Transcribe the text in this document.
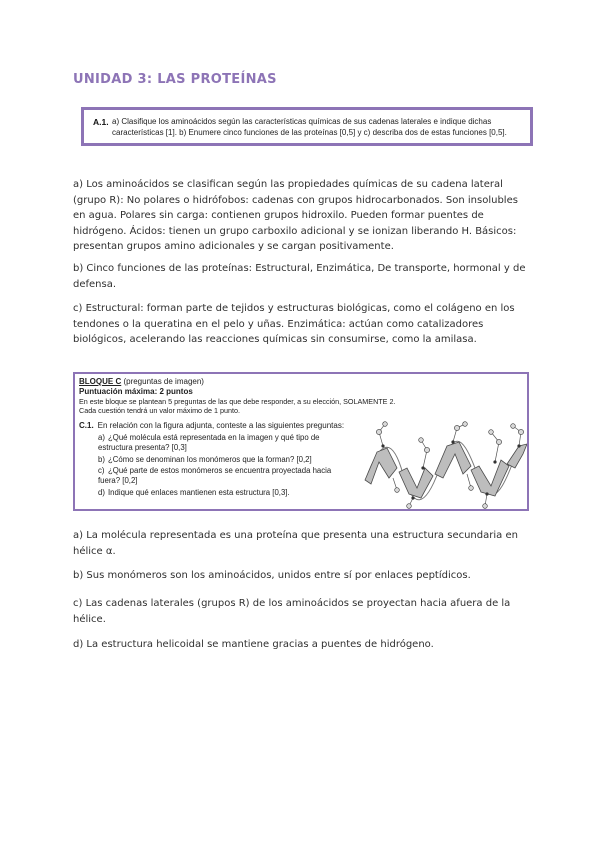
UNIDAD 3: LAS PROTEÍNAS
A.1. a) Clasifique los aminoácidos según las características químicas de sus cadenas laterales e indique dichas características [1]. b) Enumere cinco funciones de las proteínas [0,5] y c) describa dos de estas funciones [0,5].

a) Los aminoácidos se clasifican según las propiedades químicas de su cadena lateral (grupo R): No polares o hidrófobos: cadenas con grupos hidrocarbonados. Son insolubles en agua. Polares sin carga: contienen grupos hidroxilo. Pueden formar puentes de hidrógeno. Ácidos: tienen un grupo carboxilo adicional y se ionizan liberando H. Básicos: presentan grupos amino adicionales y se cargan positivamente.

b) Cinco funciones de las proteínas: Estructural, Enzimática, De transporte, hormonal y de defensa.

c) Estructural: forman parte de tejidos y estructuras biológicas, como el colágeno en los tendones o la queratina en el pelo y uñas. Enzimática: actúan como catalizadores biológicos, acelerando las reacciones químicas sin consumirse, como la amilasa.

BLOQUE C (preguntas de imagen)
Puntuación máxima: 2 puntos
En este bloque se plantean 5 preguntas de las que debe responder, a su elección, SOLAMENTE 2.
Cada cuestión tendrá un valor máximo de 1 punto.
C.1. En relación con la figura adjunta, conteste a las siguientes preguntas:
a) ¿Qué molécula está representada en la imagen y qué tipo de estructura presenta? [0,3]
b) ¿Cómo se denominan los monómeros que la forman? [0,2]
c) ¿Qué parte de estos monómeros se encuentra proyectada hacia fuera? [0,2]
d) Indique qué enlaces mantienen esta estructura [0,3].

a) La molécula representada es una proteína que presenta una estructura secundaria en hélice α.

b) Sus monómeros son los aminoácidos, unidos entre sí por enlaces peptídicos.

c) Las cadenas laterales (grupos R) de los aminoácidos se proyectan hacia afuera de la hélice.

d) La estructura helicoidal se mantiene gracias a puentes de hidrógeno.
